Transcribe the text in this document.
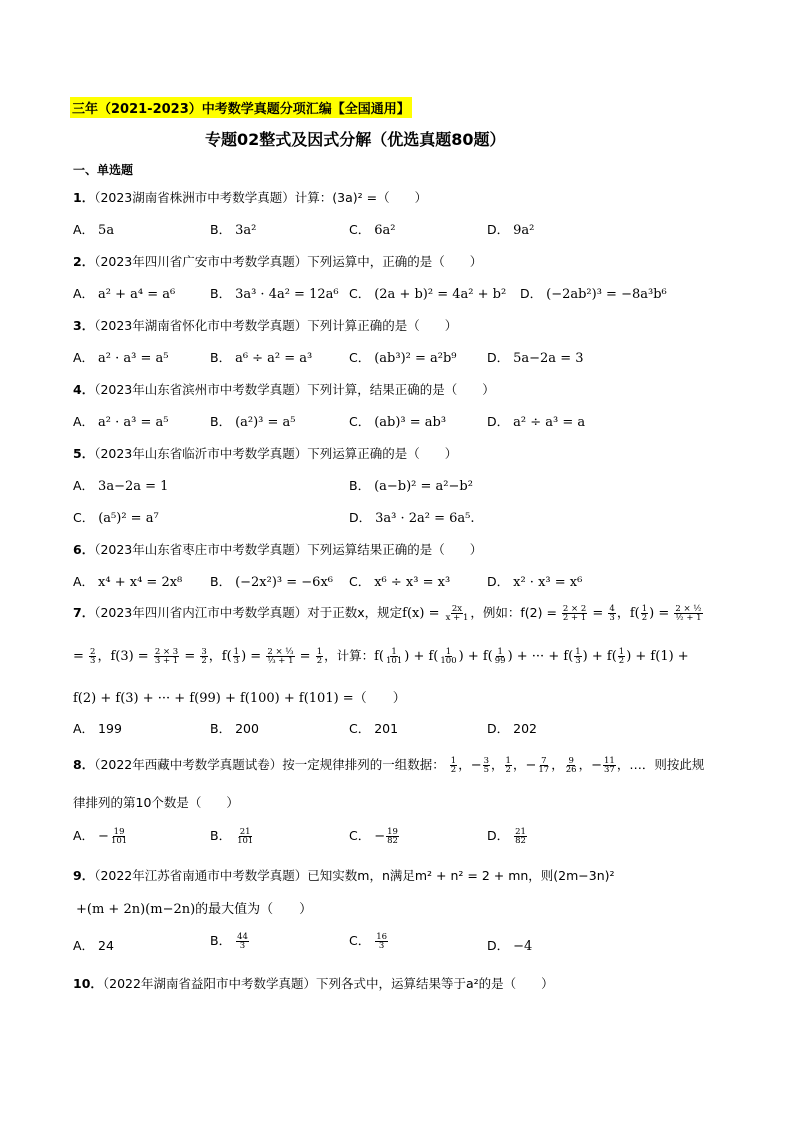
三年（2021-2023）中考数学真题分项汇编【全国通用】
专题02整式及因式分解（优选真题80题）
一、单选题
1．（2023湖南省株洲市中考数学真题）计算：(3a)² =（　　）
A． 5a	B． 3a²	C． 6a²	D． 9a²
2．（2023年四川省广安市中考数学真题）下列运算中，正确的是（　　）
A． a² + a⁴ = a⁶	B． 3a³ · 4a² = 12a⁶ C． (2a + b)² = 4a² + b² D． (−2ab²)³ = −8a³b⁶
3．（2023年湖南省怀化市中考数学真题）下列计算正确的是（　　）
A． a² · a³ = a⁵	B． a⁶ ÷ a² = a³	C． (ab³)² = a²b⁹ D． 5a−2a = 3
4．（2023年山东省滨州市中考数学真题）下列计算，结果正确的是（　　）
A． a² · a³ = a⁵	B． (a²)³ = a⁵	C． (ab)³ = ab³	D． a² ÷ a³ = a
5．（2023年山东省临沂市中考数学真题）下列运算正确的是（　　）
A． 3a−2a = 1	B． (a−b)² = a²−b²
C． (a⁵)² = a⁷	D． 3a³ · 2a² = 6a⁵.
6．（2023年山东省枣庄市中考数学真题）下列运算结果正确的是（　　）
A． x⁴ + x⁴ = 2x⁸ B． (−2x²)³ = −6x⁶ C． x⁶ ÷ x³ = x³	D． x² · x³ = x⁶
7．（2023年四川省内江市中考数学真题）对于正数x，规定$f(x) = \frac{2x}{x + 1}$ ，例如：$f(2) = \frac{2 \times 2}{2 + 1} = \frac{4}{3}$ ，$f( \frac{1}{2}$ ) = $\frac{\text{2 × ½}}{\text{½ + 1}}$
= $\frac{2}{3}$ ，$f(3) = \frac{2 \times 3}{3 + 1} = \frac{3}{2}$ ，$f( \frac{1}{3}$ ) = $\frac{\text{2 × ⅓}}{\text{⅓ + 1}} = \frac{1}{2}$ ，计算：$f( \frac{1}{101}$ ) + $f( \frac{1}{100}$ ) + $f( \frac{1}{99}$ ) + ··· + $f( \frac{1}{3}$ ) + $f( \frac{1}{2}$ ) + f(1) +
f(2) + f(3) + ··· + f(99) + f(100) + f(101) =（　　）
A． 199	B． 200	C． 201	D． 202
8．（2022年西藏中考数学真题试卷）按一定规律排列的一组数据： $\frac{1}{2}$ ，− $\frac{3}{5}$ ， $\frac{1}{2}$ ，− $\frac{7}{17}$ ， $\frac{9}{26}$ ，− $\frac{11}{37}$ ，…．则按此规
律排列的第10个数是（　　）
A． − $\frac{19}{101}$	B． $\frac{21}{101}$	C． − $\frac{19}{82}$	D． $\frac{21}{82}$
9．（2022年江苏省南通市中考数学真题）已知实数m，n满足m² + n² = 2 + mn，则(2m−3n)²
+(m + 2n)(m−2n)的最大值为（　　）
A． 24	B． $\frac{44}{3}$	C． $\frac{16}{3}$	D． −4
10．（2022年湖南省益阳市中考数学真题）下列各式中，运算结果等于a²的是（　　）
